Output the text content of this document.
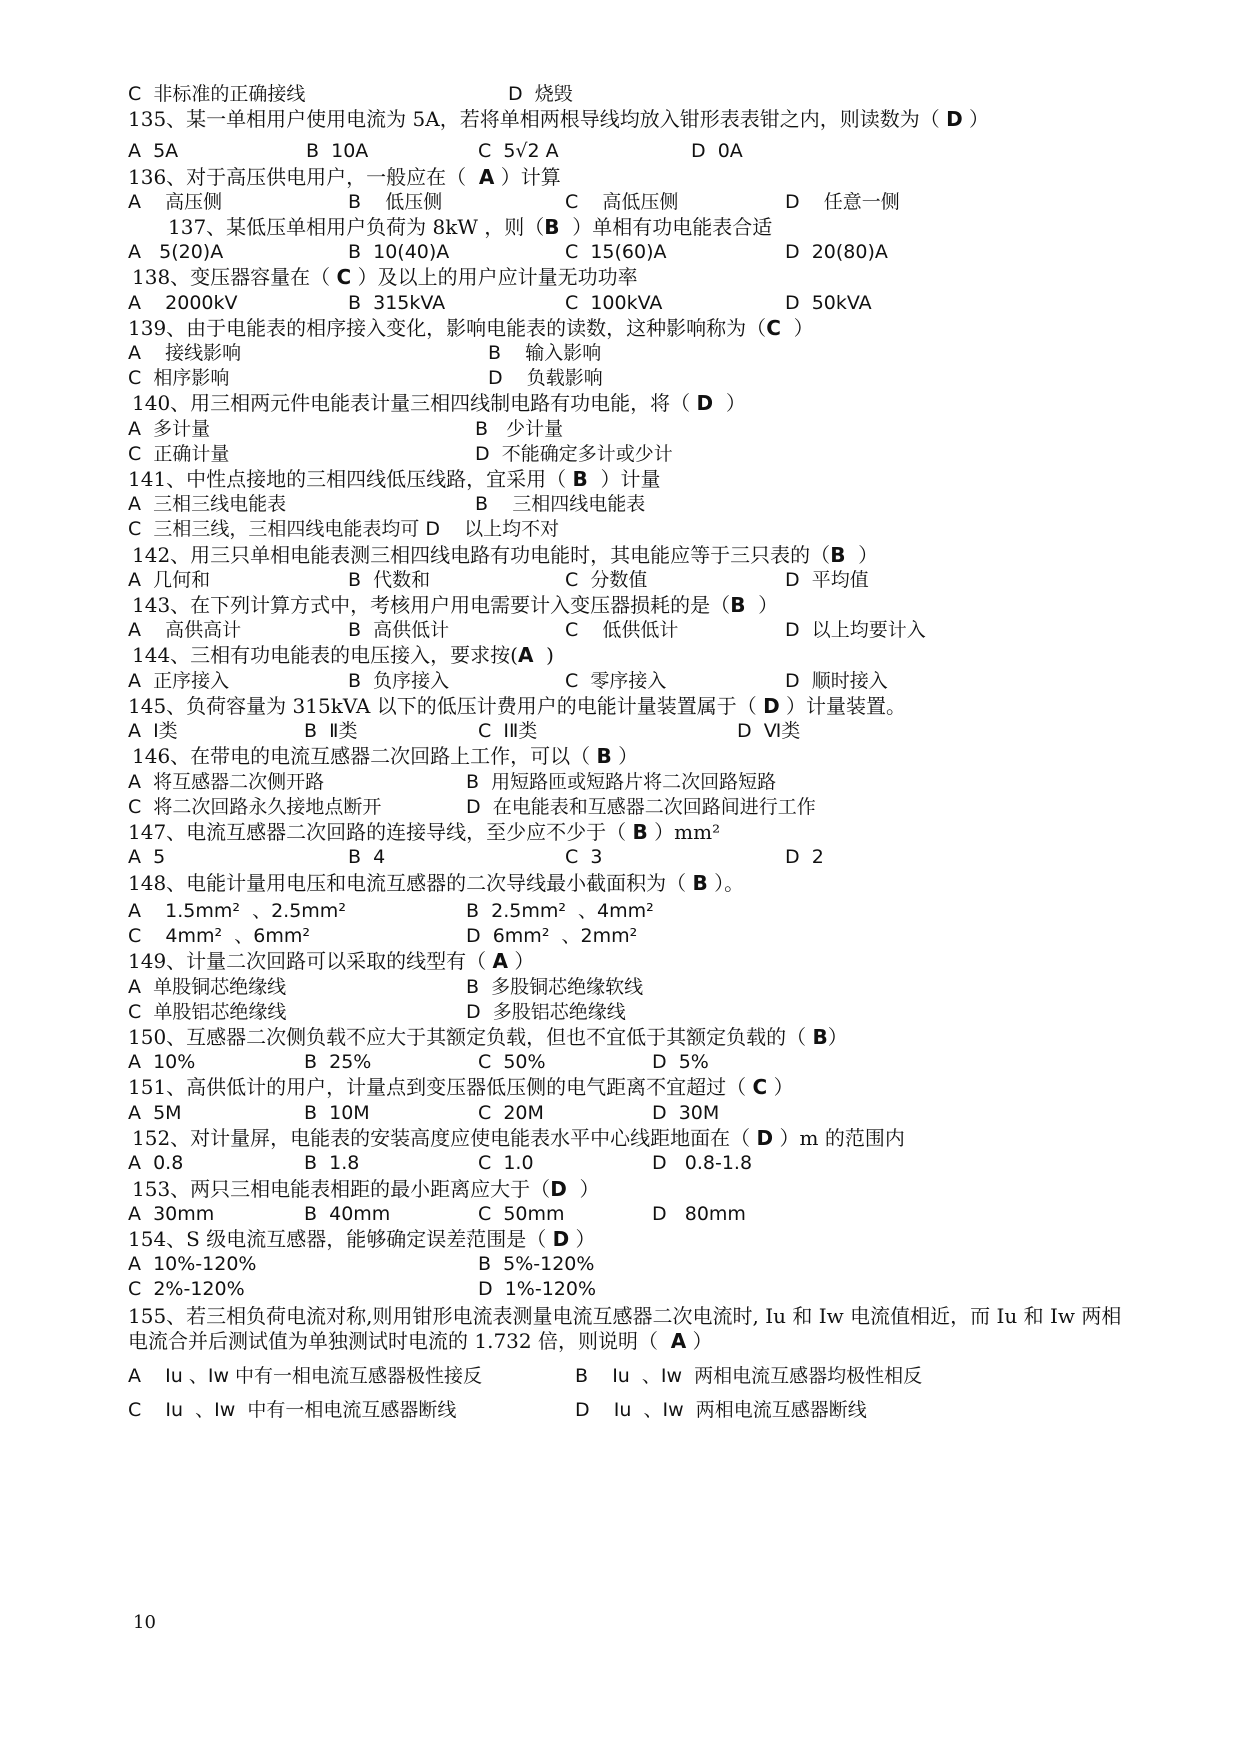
C  非标准的正确接线	D  烧毁
135、某一单相用户使用电流为 5A，若将单相两根导线均放入钳形表表钳之内，则读数为（ D ）
A  5A	B  10A	C  5√2 A	D  0A
136、对于高压供电用户，一般应在（  A ）计算
A    高压侧	B    低压侧	C    高低压侧	D    任意一侧
137、某低压单相用户负荷为 8kW ，则（B  ）单相有功电能表合适
A   5(20)A	B  10(40)A	C  15(60)A	D  20(80)A
138、变压器容量在（ C ）及以上的用户应计量无功功率
A    2000kV	B  315kVA	C  100kVA	D  50kVA
139、由于电能表的相序接入变化，影响电能表的读数，这种影响称为（C  ）
A    接线影响	B    输入影响
C  相序影响	D    负载影响
140、用三相两元件电能表计量三相四线制电路有功电能，将（ D  ）
A  多计量	B   少计量
C  正确计量	D  不能确定多计或少计
141、中性点接地的三相四线低压线路，宜采用（ B  ）计量
A  三相三线电能表	B    三相四线电能表
C  三相三线，三相四线电能表均可 D    以上均不对
142、用三只单相电能表测三相四线电路有功电能时，其电能应等于三只表的（B  ）
A  几何和	B  代数和	C  分数值	D  平均值
143、在下列计算方式中，考核用户用电需要计入变压器损耗的是（B  ）
A    高供高计	B  高供低计	C    低供低计	D  以上均要计入
144、三相有功电能表的电压接入，要求按(A  )
A  正序接入	B  负序接入	C  零序接入	D  顺时接入
145、负荷容量为 315kVA 以下的低压计费用户的电能计量装置属于（ D ）计量装置。
A  Ⅰ类	B  Ⅱ类	C  ⅠⅡ类	D  Ⅵ类
146、在带电的电流互感器二次回路上工作，可以（ B ）
A  将互感器二次侧开路	B  用短路匝或短路片将二次回路短路
C  将二次回路永久接地点断开	D  在电能表和互感器二次回路间进行工作
147、电流互感器二次回路的连接导线，至少应不少于（ B ）mm²
A  5	B  4	C  3	D  2
148、电能计量用电压和电流互感器的二次导线最小截面积为（ B ）。
A    1.5mm²  、2.5mm²	B  2.5mm²  、4mm²
C    4mm²  、6mm²	D  6mm²  、2mm²
149、计量二次回路可以采取的线型有（ A ）
A  单股铜芯绝缘线	B  多股铜芯绝缘软线
C  单股铝芯绝缘线	D  多股铝芯绝缘线
150、互感器二次侧负载不应大于其额定负载，但也不宜低于其额定负载的（ B）
A  10%	B  25%	C  50%	D  5%
151、高供低计的用户，计量点到变压器低压侧的电气距离不宜超过（ C ）
A  5M	B  10M	C  20M	D  30M
152、对计量屏，电能表的安装高度应使电能表水平中心线距地面在（ D ）m 的范围内
A  0.8	B  1.8	C  1.0	D   0.8-1.8
153、两只三相电能表相距的最小距离应大于（D  ）
A  30mm	B  40mm	C  50mm	D   80mm
154、S 级电流互感器，能够确定误差范围是（ D ）
A  10%-120%	B  5%-120%
C  2%-120%	D  1%-120%
155、若三相负荷电流对称,则用钳形电流表测量电流互感器二次电流时, Iu 和 Iw 电流值相近，而 Iu 和 Iw 两相
电流合并后测试值为单独测试时电流的 1.732 倍，则说明（  A ）
A    Iu 、Iw 中有一相电流互感器极性接反	B    Iu  、Iw  两相电流互感器均极性相反
C    Iu  、Iw  中有一相电流互感器断线	D    Iu  、Iw  两相电流互感器断线
10
